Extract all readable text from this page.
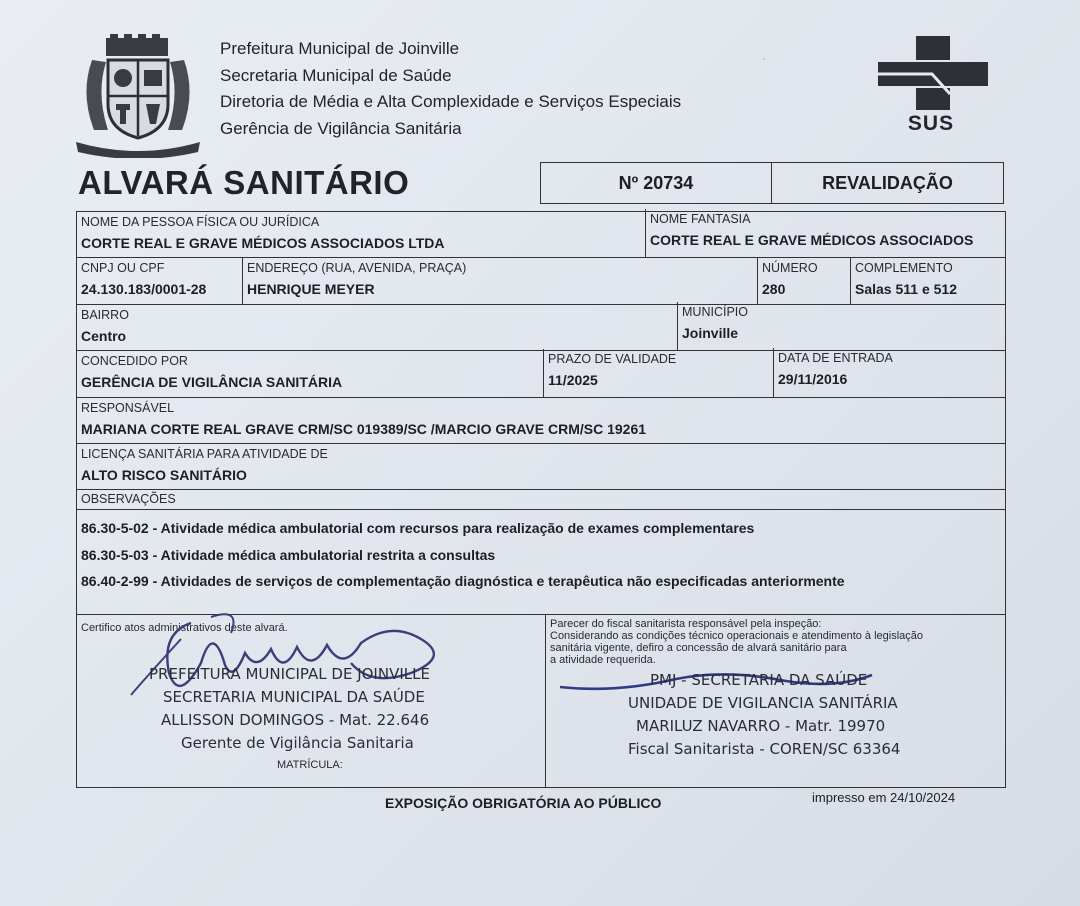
Prefeitura Municipal de Joinville
Secretaria Municipal de Saúde
Diretoria de Média e Alta Complexidade e Serviços Especiais
Gerência de Vigilância Sanitária
˙
SUS
ALVARÁ SANITÁRIO	Nº 20734	REVALIDAÇÃO
NOME DA PESSOA FÍSICA OU JURÍDICA
CORTE REAL E GRAVE MÉDICOS ASSOCIADOS LTDA
NOME FANTASIA
CORTE REAL E GRAVE MÉDICOS ASSOCIADOS
CNPJ OU CPF
24.130.183/0001-28
ENDEREÇO (RUA, AVENIDA, PRAÇA)
HENRIQUE MEYER
NÚMERO
280
COMPLEMENTO
Salas 511 e 512
BAIRRO
Centro
MUNICÍPIO
Joinville
CONCEDIDO POR
GERÊNCIA DE VIGILÂNCIA SANITÁRIA
PRAZO DE VALIDADE
11/2025
DATA DE ENTRADA
29/11/2016
RESPONSÁVEL
MARIANA CORTE REAL GRAVE CRM/SC 019389/SC /MARCIO GRAVE CRM/SC 19261
LICENÇA SANITÁRIA PARA ATIVIDADE DE
ALTO RISCO SANITÁRIO
OBSERVAÇÕES
86.30-5-02 - Atividade médica ambulatorial com recursos para realização de exames complementares
86.30-5-03 - Atividade médica ambulatorial restrita a consultas
86.40-2-99 - Atividades de serviços de complementação diagnóstica e terapêutica não especificadas anteriormente
Certifico atos administrativos deste alvará.
PREFEITURA MUNICIPAL DE JOINVILLE
SECRETARIA MUNICIPAL DA SAÚDE
ALLISSON DOMINGOS - Mat. 22.646
Gerente de Vigilância Sanitaria
MATRÍCULA:
Parecer do fiscal sanitarista responsável pela inspeção:
Considerando as condições técnico operacionais e atendimento à legislação
sanitária vigente, defiro a concessão de alvará sanitário para
a atividade requerida.
PMJ - SECRETARIA DA SAÚDE
UNIDADE DE VIGILANCIA SANITÁRIA
MARILUZ NAVARRO - Matr. 19970
Fiscal Sanitarista - COREN/SC 63364
EXPOSIÇÃO OBRIGATÓRIA AO PÚBLICO	impresso em 24/10/2024
